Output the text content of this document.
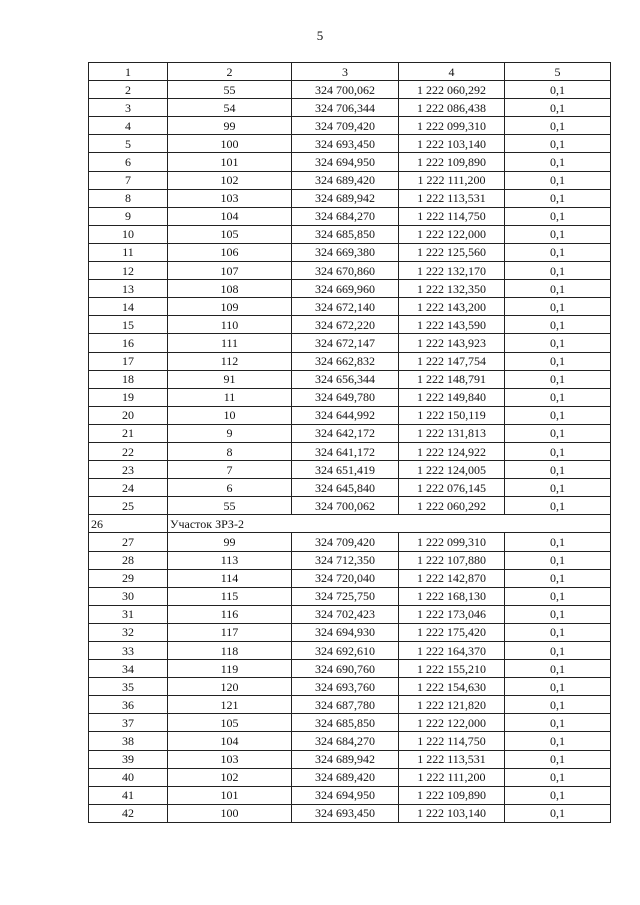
5
1	2	3	4	5
2	55	324 700,062	1 222 060,292	0,1
3	54	324 706,344	1 222 086,438	0,1
4	99	324 709,420	1 222 099,310	0,1
5	100	324 693,450	1 222 103,140	0,1
6	101	324 694,950	1 222 109,890	0,1
7	102	324 689,420	1 222 111,200	0,1
8	103	324 689,942	1 222 113,531	0,1
9	104	324 684,270	1 222 114,750	0,1
10	105	324 685,850	1 222 122,000	0,1
11	106	324 669,380	1 222 125,560	0,1
12	107	324 670,860	1 222 132,170	0,1
13	108	324 669,960	1 222 132,350	0,1
14	109	324 672,140	1 222 143,200	0,1
15	110	324 672,220	1 222 143,590	0,1
16	111	324 672,147	1 222 143,923	0,1
17	112	324 662,832	1 222 147,754	0,1
18	91	324 656,344	1 222 148,791	0,1
19	11	324 649,780	1 222 149,840	0,1
20	10	324 644,992	1 222 150,119	0,1
21	9	324 642,172	1 222 131,813	0,1
22	8	324 641,172	1 222 124,922	0,1
23	7	324 651,419	1 222 124,005	0,1
24	6	324 645,840	1 222 076,145	0,1
25	55	324 700,062	1 222 060,292	0,1
26	Участок ЗРЗ-2			
27	99	324 709,420	1 222 099,310	0,1
28	113	324 712,350	1 222 107,880	0,1
29	114	324 720,040	1 222 142,870	0,1
30	115	324 725,750	1 222 168,130	0,1
31	116	324 702,423	1 222 173,046	0,1
32	117	324 694,930	1 222 175,420	0,1
33	118	324 692,610	1 222 164,370	0,1
34	119	324 690,760	1 222 155,210	0,1
35	120	324 693,760	1 222 154,630	0,1
36	121	324 687,780	1 222 121,820	0,1
37	105	324 685,850	1 222 122,000	0,1
38	104	324 684,270	1 222 114,750	0,1
39	103	324 689,942	1 222 113,531	0,1
40	102	324 689,420	1 222 111,200	0,1
41	101	324 694,950	1 222 109,890	0,1
42	100	324 693,450	1 222 103,140	0,1
